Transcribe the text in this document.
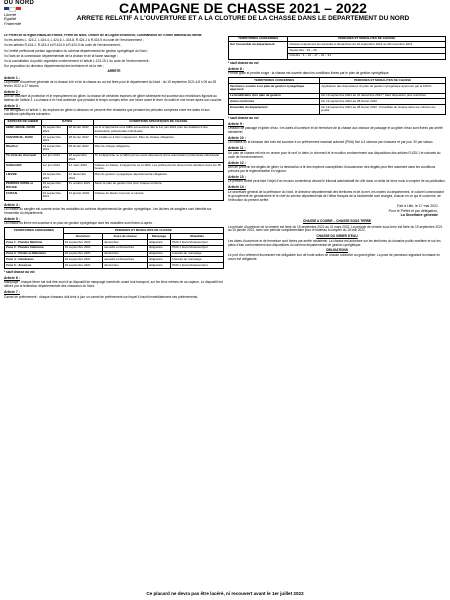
DU NORD
Liberté
Égalité
Fraternité
CAMPAGNE DE CHASSE 2021 – 2022
ARRETE RELATIF A L'OUVERTURE ET A LA CLOTURE DE LA CHASSE DANS LE DEPARTEMENT DU NORD

Le Préfet de la région Hauts-de-France, Préfet du Nord, Officier de la Légion d'honneur, Commandeur de l'Ordre National du Mérite

Vu les articles L. 424-2, L.424-4, L.424-6, L.424-8, R.424-1 à R.424-9 du code de l'environnement ;

Vu les articles R.424-1, R.424-4 et R.424-5 à R.424-9 du code de l'environnement ;

Vu l'arrêté préfectoral portant approbation du schéma départemental de gestion cynégétique du Nord ;

Vu l'avis de la commission départementale de la chasse et de la faune sauvage ;

Vu la consultation du public organisée conformément à l'article L.123-19-1 du code de l'environnement ;

Sur proposition du directeur départemental des territoires et de la mer ;

ARRETE

Article 1 :

La période d'ouverture générale de la chasse à tir et de la chasse au vol est fixée pour le département du Nord : du 19 septembre 2021 à 8 h 00 au 28 février 2022 à 17 heures.

Article 2 :

Afin de favoriser la protection et le repeuplement du gibier, la chasse de certaines espèces de gibier sédentaire est soumise aux restrictions figurant au tableau de l'article 3. La chasse à tir n'est autorisée que pendant le temps compris entre une heure avant le lever du soleil et une heure après son coucher.

Article 3 :

Par dérogation à l'article 1, les espèces de gibier ci-dessous ne peuvent être chassées que pendant les périodes comprises entre les dates et aux conditions spécifiques suivantes :

ESPECES DE GIBIER	DATES		CONDITIONS SPECIFIQUES DE CHASSE
CERF, BICHE, FAON	19 septembre 2021	28 février 2022	Le tir à l'approche ou à l'affût est autorisé dès le 1er juin 2021 pour les titulaires d'une autorisation préfectorale individuelle.
CHEVREUIL, DAIM	19 septembre 2021	28 février 2022	Tir à balle ou à l'arc uniquement. Plan de chasse obligatoire.
Mouflon	19 septembre 2021	28 février 2022	Plan de chasse obligatoire.
Tir d'été du chevreuil	1er juin 2021	18 septembre 2021	Tir à l'approche ou à l'affût par les seuls détenteurs d'une autorisation préfectorale individuelle.
SANGLIER	1er juin 2021	31 mars 2022	Chasse en battue, à l'approche ou à l'affût. Les prélèvements doivent être déclarés dans les 48 heures.
LIEVRE	19 septembre 2021	12 décembre 2021	Plan de gestion cynégétique départemental obligatoire.
PERDRIX GRISE et ROUGE	19 septembre 2021	31 octobre 2021	Selon le plan de gestion fixé pour chaque territoire.
FAISAN	19 septembre 2021	31 janvier 2022	Chasse du faisan commun et vénéré.
Article 4 :

La chasse du sanglier est ouverte selon les modalités du schéma départemental de gestion cynégétique. Les lâchers de sangliers sont interdits sur l'ensemble du département.

Article 5 :

La chasse du lièvre est soumise à un plan de gestion cynégétique dont les modalités sont fixées ci-après :

TERRITOIRES CONCERNES	PERIODES ET MODALITES DE CHASSE			
	Ouverture	Jours de chasse	Marquage	Modalités
Zone 1 : Flandre Maritime	19 septembre 2021	dimanches	obligatoire	PMA 1 lièvre/chasseur/jour
Zone 2 : Flandre Intérieure	19 septembre 2021	samedis et dimanches	obligatoire	PMA 1 lièvre/chasseur/jour
Zone 3 : Pévèle et Mélantois	26 septembre 2021	dimanches	obligatoire	bracelet de marquage
Zone 4 : Cambrésis	19 septembre 2021	samedis et dimanches	obligatoire	bracelet de marquage
Zone 5 : Avesnois	19 septembre 2021	dimanches	obligatoire	PMA 1 lièvre/chasseur/jour

* sauf chasse au vol

Article 6 :

Marquage : chaque lièvre tué doit être muni d'un dispositif de marquage numéroté, avant tout transport, sur les lieux mêmes de sa capture. Le dispositif est délivré par la fédération départementale des chasseurs du Nord.

Article 7 :

Carnet de prélèvement : chaque chasseur doit tenir à jour un carnet de prélèvement sur lequel il inscrit immédiatement ses prélèvements.

TERRITOIRES CONCERNES	PERIODES ET MODALITES DE CHASSE
Sur l'ensemble du département	Chasse uniquement les samedis et dimanches du 19 septembre 2021 au 28 novembre 2021
	Septembre : 19 – 26
	Octobre : 3 – 10 – 17 – 24 – 31

* sauf chasse au vol

Article 8 :

Perdrix grise et perdrix rouge : la chasse est ouverte dans les conditions fixées par le plan de gestion cynégétique.

TERRITOIRES CONCERNES	PERIODES ET MODALITES DE CHASSE
Territoires soumis à un plan de gestion cynégétique approuvé	Application des dispositions du plan de gestion cynégétique approuvé par la FDCN
Le bénéficiaire d'un plan de gestion	Du 19 septembre 2021 au 31 décembre 2021 * Sauf disposition plus restrictive
Autres territoires	Du 19 septembre 2021 au 28 février 2022
Ensemble du département	Du 19 septembre 2021 au 28 février 2022 ; Possibilité de chasse dans les cultures les jeudis

* sauf chasse au vol

Article 9 :

Oiseaux de passage et gibier d'eau : les dates d'ouverture et de fermeture de la chasse aux oiseaux de passage et au gibier d'eau sont fixées par arrêté ministériel.

Article 10 :

La chasse de la bécasse des bois est soumise à un prélèvement maximal autorisé (PMA) fixé à 3 oiseaux par chasseur et par jour, 30 par saison.

Article 11 :

Un plan de chasse est mis en œuvre pour le cerf, le daim, le chevreuil et le mouflon conformément aux dispositions des articles R.425-1 et suivants du code de l'environnement.

Article 12 :

Afin de prévenir les dégâts de gibier, la destruction à tir des espèces susceptibles d'occasionner des dégâts peut être autorisée dans les conditions prévues par la réglementation en vigueur.

Article 13 :

Le présent arrêté peut faire l'objet d'un recours contentieux devant le tribunal administratif de Lille dans un délai de deux mois à compter de sa publication.

Article 14 :

Le secrétaire général de la préfecture du Nord, le directeur départemental des territoires et de la mer, les maires du département, le colonel commandant le groupement de gendarmerie et le chef du service départemental de l'office français de la biodiversité sont chargés, chacun en ce qui le concerne, de l'exécution du présent arrêté.

Fait à Lille, le 17 mai 2021
Pour le Préfet et par délégation,
La Secrétaire générale

CHASSE A COURIR – CHASSE SOUS TERRE

La période d'ouverture de la vénerie est fixée du 15 septembre 2021 au 31 mars 2022. La période de vénerie sous terre est fixée du 15 septembre 2021 au 15 janvier 2022, avec une période complémentaire pour le blaireau à compter du 15 mai 2022.

CHASSE DU GIBIER D'EAU

Les dates d'ouverture et de fermeture sont fixées par arrêté ministériel. La chasse est autorisée sur les territoires du domaine public maritime et sur les plans d'eau conformément aux dispositions du schéma départemental de gestion cynégétique.

OBLIGATIONS

Le port d'un vêtement fluorescent est obligatoire lors de toute action de chasse collective au grand gibier. La pose de panneaux signalant la chasse en cours est obligatoire.

Ce placard ne devra pas être lacéré, ni recouvert avant le 1er juillet 2022
